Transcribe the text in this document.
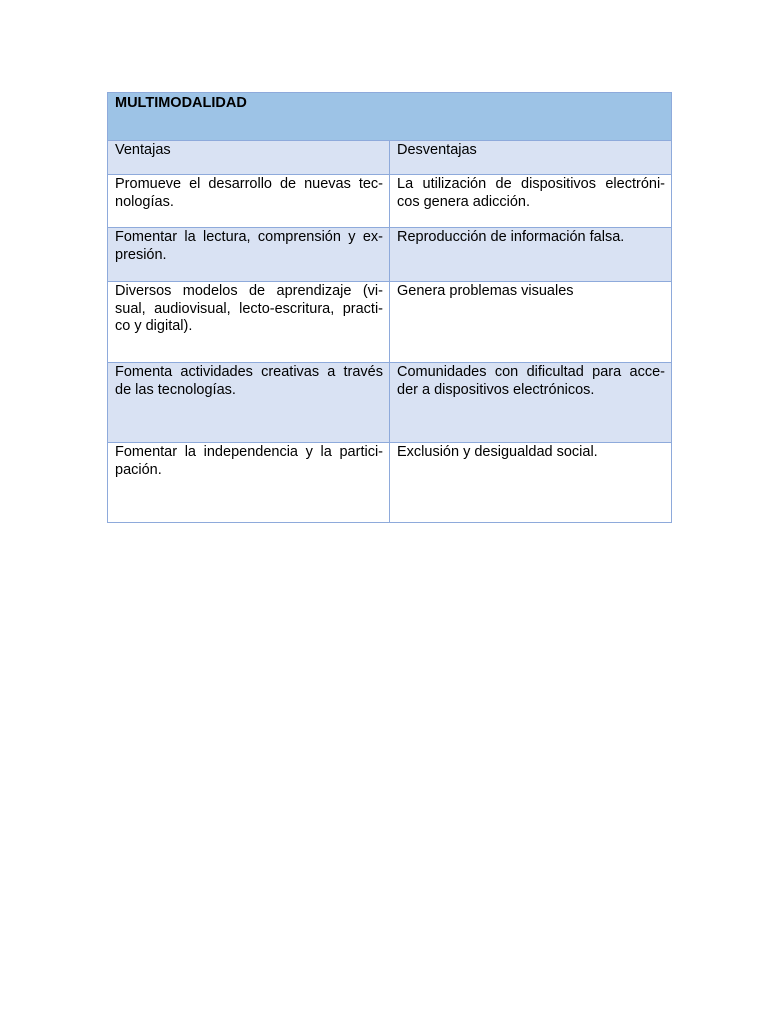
MULTIMODALIDAD	
Ventajas	Desventajas
Promueve el desarrollo de nuevas tec-nologías.	La utilización de dispositivos electróni-cos genera adicción.
Fomentar la lectura, comprensión y ex-presión.	Reproducción de información falsa.
Diversos modelos de aprendizaje (vi-sual, audiovisual, lecto-escritura, practi-co y digital).	Genera problemas visuales
Fomenta actividades creativas a través de las tecnologías.	Comunidades con dificultad para acce-der a dispositivos electrónicos.
Fomentar la independencia y la partici-pación.	Exclusión y desigualdad social.
